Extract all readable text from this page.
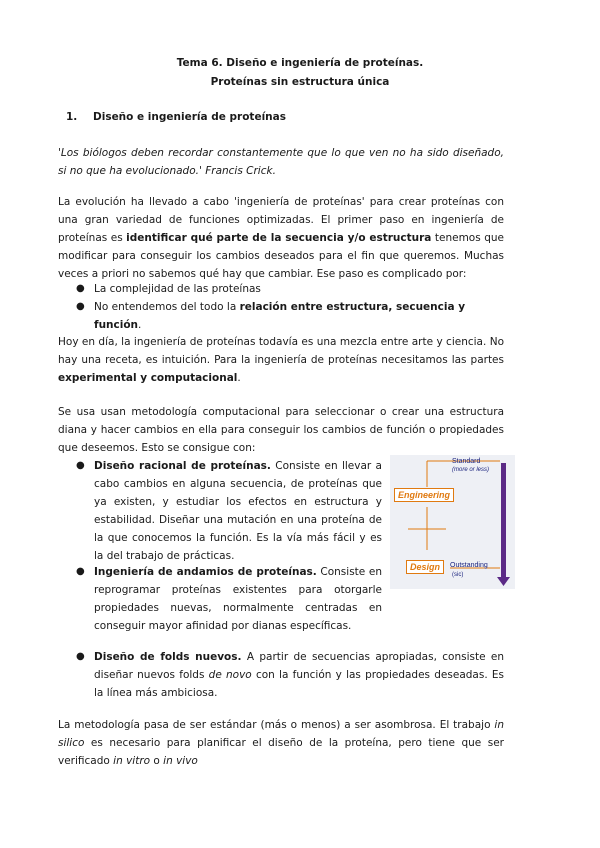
Tema 6. Diseño e ingeniería de proteínas.
Proteínas sin estructura única
1. Diseño e ingeniería de proteínas
'Los biólogos deben recordar constantemente que lo que ven no ha sido diseñado, si no que ha evolucionado.' Francis Crick.
La evolución ha llevado a cabo 'ingeniería de proteínas' para crear proteínas con una gran variedad de funciones optimizadas. El primer paso en ingeniería de proteínas es identificar qué parte de la secuencia y/o estructura tenemos que modificar para conseguir los cambios deseados para el fin que queremos. Muchas veces a priori no sabemos qué hay que cambiar. Ese paso es complicado por:
● La complejidad de las proteínas
● No entendemos del todo la relación entre estructura, secuencia y función.
Hoy en día, la ingeniería de proteínas todavía es una mezcla entre arte y ciencia. No hay una receta, es intuición. Para la ingeniería de proteínas necesitamos las partes experimental y computacional.
Se usa usan metodología computacional para seleccionar o crear una estructura diana y hacer cambios en ella para conseguir los cambios de función o propiedades que deseemos. Esto se consigue con:
● Diseño racional de proteínas. Consiste en llevar a cabo cambios en alguna secuencia, de proteínas que ya existen, y estudiar los efectos en estructura y estabilidad. Diseñar una mutación en una proteína de la que conocemos la función. Es la vía más fácil y es la del trabajo de prácticas.
● Ingeniería de andamios de proteínas. Consiste en reprogramar proteínas existentes para otorgarle propiedades nuevas, normalmente centradas en conseguir mayor afinidad por dianas específicas.
● Diseño de folds nuevos. A partir de secuencias apropiadas, consiste en diseñar nuevos folds de novo con la función y las propiedades deseadas. Es la línea más ambiciosa.
Standard
(more or less)
Engineering
Design	Outstanding
(sic)
La metodología pasa de ser estándar (más o menos) a ser asombrosa. El trabajo in silico es necesario para planificar el diseño de la proteína, pero tiene que ser verificado in vitro o in vivo
